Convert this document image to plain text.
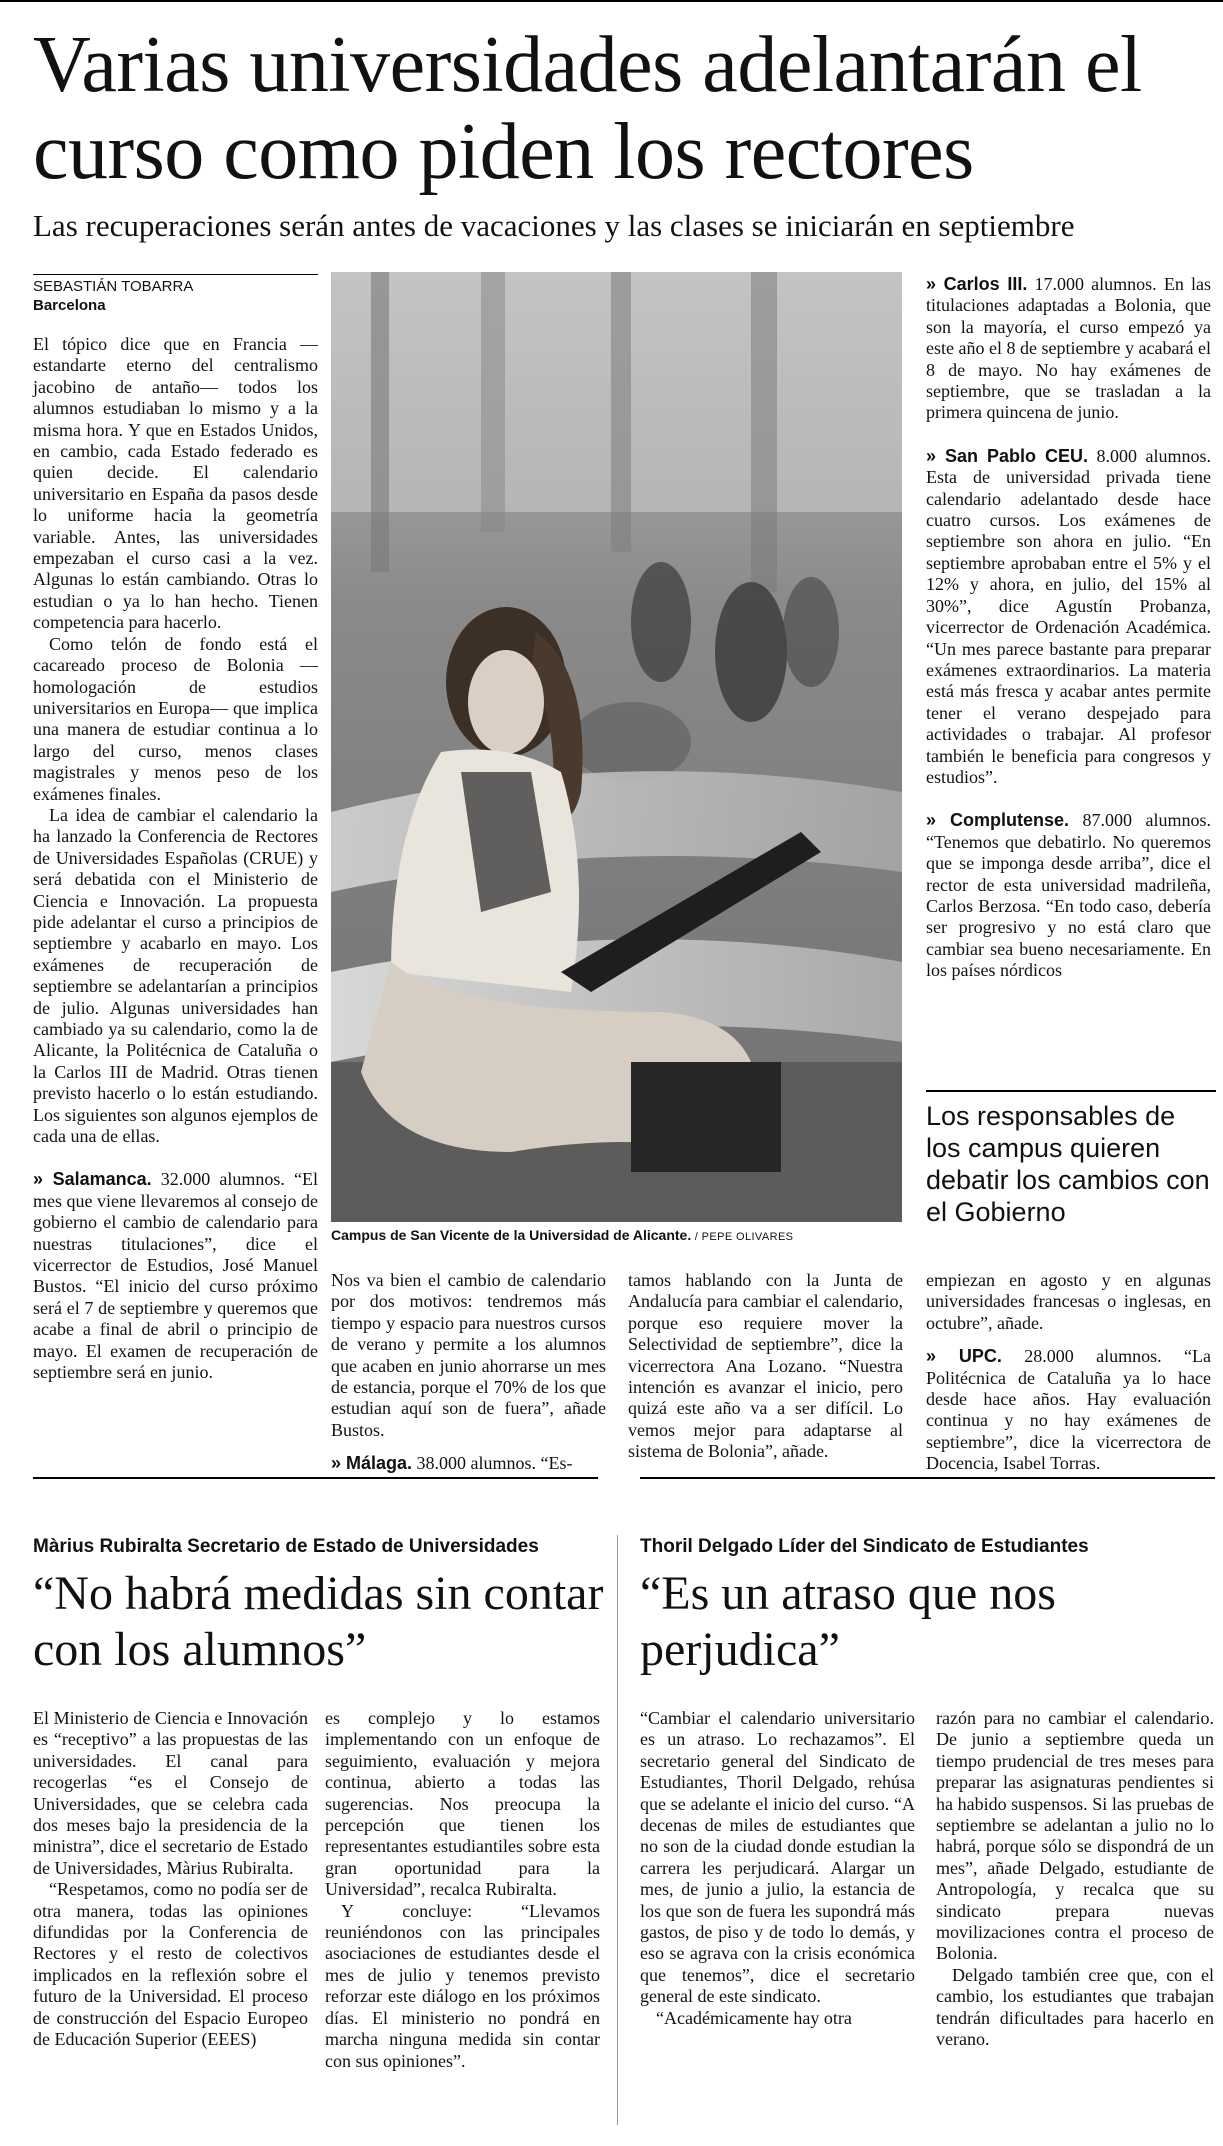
Varias universidades adelantarán el curso como piden los rectores
Las recuperaciones serán antes de vacaciones y las clases se iniciarán en septiembre
SEBASTIÁN TOBARRA
Barcelona

El tópico dice que en Francia —estandarte eterno del centralismo jacobino de antaño— todos los alumnos estudiaban lo mismo y a la misma hora. Y que en Estados Unidos, en cambio, cada Estado federado es quien decide. El calendario universitario en España da pasos desde lo uniforme hacia la geometría variable. Antes, las universidades empezaban el curso casi a la vez. Algunas lo están cambiando. Otras lo estudian o ya lo han hecho. Tienen competencia para hacerlo.

Como telón de fondo está el cacareado proceso de Bolonia —homologación de estudios universitarios en Europa— que implica una manera de estudiar continua a lo largo del curso, menos clases magistrales y menos peso de los exámenes finales.

La idea de cambiar el calendario la ha lanzado la Conferencia de Rectores de Universidades Españolas (CRUE) y será debatida con el Ministerio de Ciencia e Innovación. La propuesta pide adelantar el curso a principios de septiembre y acabarlo en mayo. Los exámenes de recuperación de septiembre se adelantarían a principios de julio. Algunas universidades han cambiado ya su calendario, como la de Alicante, la Politécnica de Cataluña o la Carlos III de Madrid. Otras tienen previsto hacerlo o lo están estudiando. Los siguientes son algunos ejemplos de cada una de ellas.

» Salamanca. 32.000 alumnos. “El mes que viene llevaremos al consejo de gobierno el cambio de calendario para nuestras titulaciones”, dice el vicerrector de Estudios, José Manuel Bustos. “El inicio del curso próximo será el 7 de septiembre y queremos que acabe a final de abril o principio de mayo. El examen de recuperación de septiembre será en junio.

Campus de San Vicente de la Universidad de Alicante. / PEPE OLIVARES

Nos va bien el cambio de calendario por dos motivos: tendremos más tiempo y espacio para nuestros cursos de verano y permite a los alumnos que acaben en junio ahorrarse un mes de estancia, porque el 70% de los que estudian aquí son de fuera”, añade Bustos.

» Málaga. 38.000 alumnos. “Es-

tamos hablando con la Junta de Andalucía para cambiar el calendario, porque eso requiere mover la Selectividad de septiembre”, dice la vicerrectora Ana Lozano. “Nuestra intención es avanzar el inicio, pero quizá este año va a ser difícil. Lo vemos mejor para adaptarse al sistema de Bolonia”, añade.

» Carlos III. 17.000 alumnos. En las titulaciones adaptadas a Bolonia, que son la mayoría, el curso empezó ya este año el 8 de septiembre y acabará el 8 de mayo. No hay exámenes de septiembre, que se trasladan a la primera quincena de junio.

» San Pablo CEU. 8.000 alumnos. Esta de universidad privada tiene calendario adelantado desde hace cuatro cursos. Los exámenes de septiembre son ahora en julio. “En septiembre aprobaban entre el 5% y el 12% y ahora, en julio, del 15% al 30%”, dice Agustín Probanza, vicerrector de Ordenación Académica. “Un mes parece bastante para preparar exámenes extraordinarios. La materia está más fresca y acabar antes permite tener el verano despejado para actividades o trabajar. Al profesor también le beneficia para congresos y estudios”.

» Complutense. 87.000 alumnos. “Tenemos que debatirlo. No queremos que se imponga desde arriba”, dice el rector de esta universidad madrileña, Carlos Berzosa. “En todo caso, debería ser progresivo y no está claro que cambiar sea bueno necesariamente. En los países nórdicos

Los responsables de los campus quieren debatir los cambios con el Gobierno

empiezan en agosto y en algunas universidades francesas o inglesas, en octubre”, añade.

» UPC. 28.000 alumnos. “La Politécnica de Cataluña ya lo hace desde hace años. Hay evaluación continua y no hay exámenes de septiembre”, dice la vicerrectora de Docencia, Isabel Torras.

Màrius Rubiralta Secretario de Estado de Universidades
“No habrá medidas sin contar con los alumnos”
Thoril Delgado Líder del Sindicato de Estudiantes
“Es un atraso que nos perjudica”

El Ministerio de Ciencia e Innovación es “receptivo” a las propuestas de las universidades. El canal para recogerlas “es el Consejo de Universidades, que se celebra cada dos meses bajo la presidencia de la ministra”, dice el secretario de Estado de Universidades, Màrius Rubiralta.

“Respetamos, como no podía ser de otra manera, todas las opiniones difundidas por la Conferencia de Rectores y el resto de colectivos implicados en la reflexión sobre el futuro de la Universidad. El proceso de construcción del Espacio Europeo de Educación Superior (EEES)

es complejo y lo estamos implementando con un enfoque de seguimiento, evaluación y mejora continua, abierto a todas las sugerencias. Nos preocupa la percepción que tienen los representantes estudiantiles sobre esta gran oportunidad para la Universidad”, recalca Rubiralta.

Y concluye: “Llevamos reuniéndonos con las principales asociaciones de estudiantes desde el mes de julio y tenemos previsto reforzar este diálogo en los próximos días. El ministerio no pondrá en marcha ninguna medida sin contar con sus opiniones”.

“Cambiar el calendario universitario es un atraso. Lo rechazamos”. El secretario general del Sindicato de Estudiantes, Thoril Delgado, rehúsa que se adelante el inicio del curso. “A decenas de miles de estudiantes que no son de la ciudad donde estudian la carrera les perjudicará. Alargar un mes, de junio a julio, la estancia de los que son de fuera les supondrá más gastos, de piso y de todo lo demás, y eso se agrava con la crisis económica que tenemos”, dice el secretario general de este sindicato.

“Académicamente hay otra

razón para no cambiar el calendario. De junio a septiembre queda un tiempo prudencial de tres meses para preparar las asignaturas pendientes si ha habido suspensos. Si las pruebas de septiembre se adelantan a julio no lo habrá, porque sólo se dispondrá de un mes”, añade Delgado, estudiante de Antropología, y recalca que su sindicato prepara nuevas movilizaciones contra el proceso de Bolonia.

Delgado también cree que, con el cambio, los estudiantes que trabajan tendrán dificultades para hacerlo en verano.
